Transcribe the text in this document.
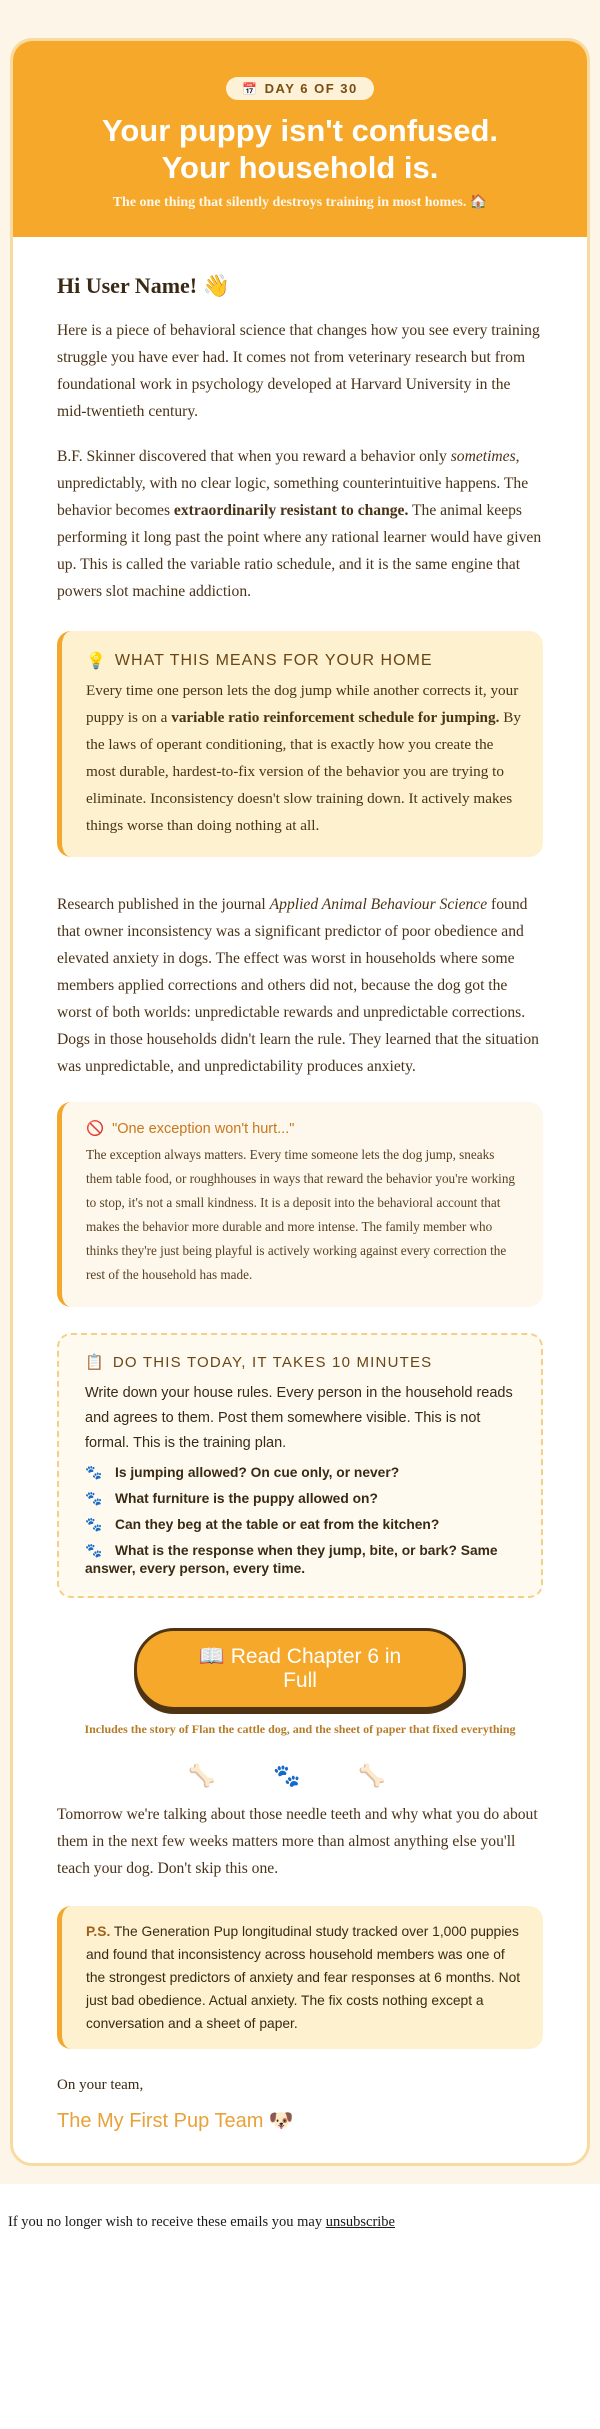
📅 DAY 6 OF 30
Your puppy isn't confused.
Your household is.
The one thing that silently destroys training in most homes. 🏠
Hi User Name! 👋

Here is a piece of behavioral science that changes how you see every training struggle you have ever had. It comes not from veterinary research but from foundational work in psychology developed at Harvard University in the mid-twentieth century.

B.F. Skinner discovered that when you reward a behavior only sometimes, unpredictably, with no clear logic, something counterintuitive happens. The behavior becomes extraordinarily resistant to change. The animal keeps performing it long past the point where any rational learner would have given up. This is called the variable ratio schedule, and it is the same engine that powers slot machine addiction.

💡 WHAT THIS MEANS FOR YOUR HOME

Every time one person lets the dog jump while another corrects it, your puppy is on a variable ratio reinforcement schedule for jumping. By the laws of operant conditioning, that is exactly how you create the most durable, hardest-to-fix version of the behavior you are trying to eliminate. Inconsistency doesn't slow training down. It actively makes things worse than doing nothing at all.

Research published in the journal Applied Animal Behaviour Science found that owner inconsistency was a significant predictor of poor obedience and elevated anxiety in dogs. The effect was worst in households where some members applied corrections and others did not, because the dog got the worst of both worlds: unpredictable rewards and unpredictable corrections. Dogs in those households didn't learn the rule. They learned that the situation was unpredictable, and unpredictability produces anxiety.

🚫 "One exception won't hurt..."

The exception always matters. Every time someone lets the dog jump, sneaks them table food, or roughhouses in ways that reward the behavior you're working to stop, it's not a small kindness. It is a deposit into the behavioral account that makes the behavior more durable and more intense. The family member who thinks they're just being playful is actively working against every correction the rest of the household has made.

📋 DO THIS TODAY, IT TAKES 10 MINUTES

Write down your house rules. Every person in the household reads and agrees to them. Post them somewhere visible. This is not formal. This is the training plan.

🐾 Is jumping allowed? On cue only, or never?
🐾 What furniture is the puppy allowed on?
🐾 Can they beg at the table or eat from the kitchen?
🐾 What is the response when they jump, bite, or bark? Same answer, every person, every time.
📖 Read Chapter 6 in Full
Includes the story of Flan the cattle dog, and the sheet of paper that fixed everything
🦴 🐾 🦴

Tomorrow we're talking about those needle teeth and why what you do about them in the next few weeks matters more than almost anything else you'll teach your dog. Don't skip this one.

P.S. The Generation Pup longitudinal study tracked over 1,000 puppies and found that inconsistency across household members was one of the strongest predictors of anxiety and fear responses at 6 months. Not just bad obedience. Actual anxiety. The fix costs nothing except a conversation and a sheet of paper.

On your team,
The My First Pup Team 🐶
If you no longer wish to receive these emails you may unsubscribe
